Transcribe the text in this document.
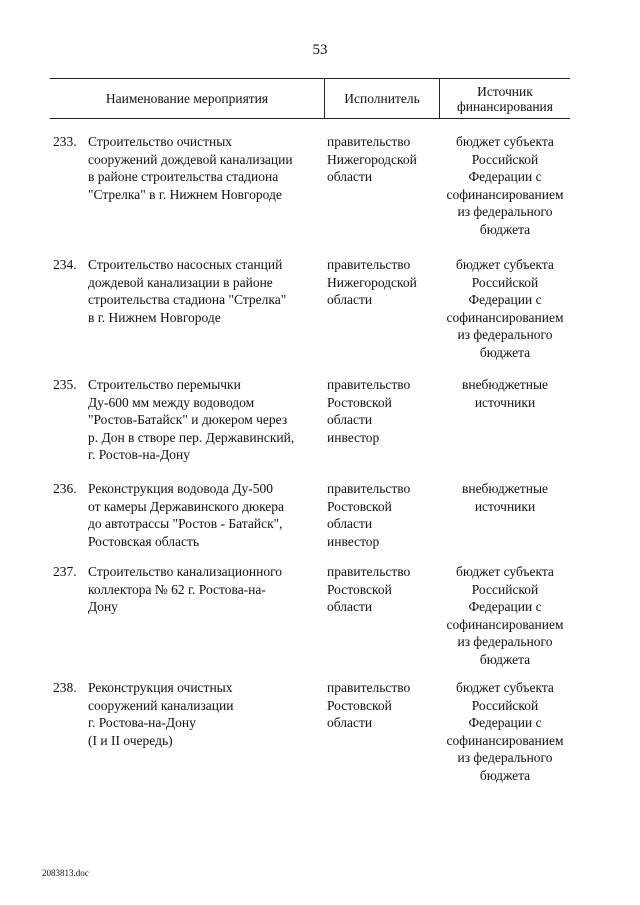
53
Наименование мероприятия	Исполнитель	Источник
финансирования
233. Строительство очистных
сооружений дождевой канализации
в районе строительства стадиона
"Стрелка" в г. Нижнем Новгороде
правительство
Нижегородской
области
бюджет субъекта
Российской
Федерации с
софинансированием
из федерального
бюджета
234. Строительство насосных станций
дождевой канализации в районе
строительства стадиона "Стрелка"
в г. Нижнем Новгороде
правительство
Нижегородской
области
бюджет субъекта
Российской
Федерации с
софинансированием
из федерального
бюджета
235. Строительство перемычки
Ду-600 мм между водоводом
"Ростов-Батайск" и дюкером через
р. Дон в створе пер. Державинский,
г. Ростов-на-Дону
правительство
Ростовской
области
инвестор
внебюджетные
источники
236. Реконструкция водовода Ду-500
от камеры Державинского дюкера
до автотрассы "Ростов - Батайск",
Ростовская область
правительство
Ростовской
области
инвестор
внебюджетные
источники
237. Строительство канализационного
коллектора № 62 г. Ростова-на-
Дону
правительство
Ростовской
области
бюджет субъекта
Российской
Федерации с
софинансированием
из федерального
бюджета
238. Реконструкция очистных
сооружений канализации
г. Ростова-на-Дону
(I и II очередь)
правительство
Ростовской
области
бюджет субъекта
Российской
Федерации с
софинансированием
из федерального
бюджета
2083813.doc
